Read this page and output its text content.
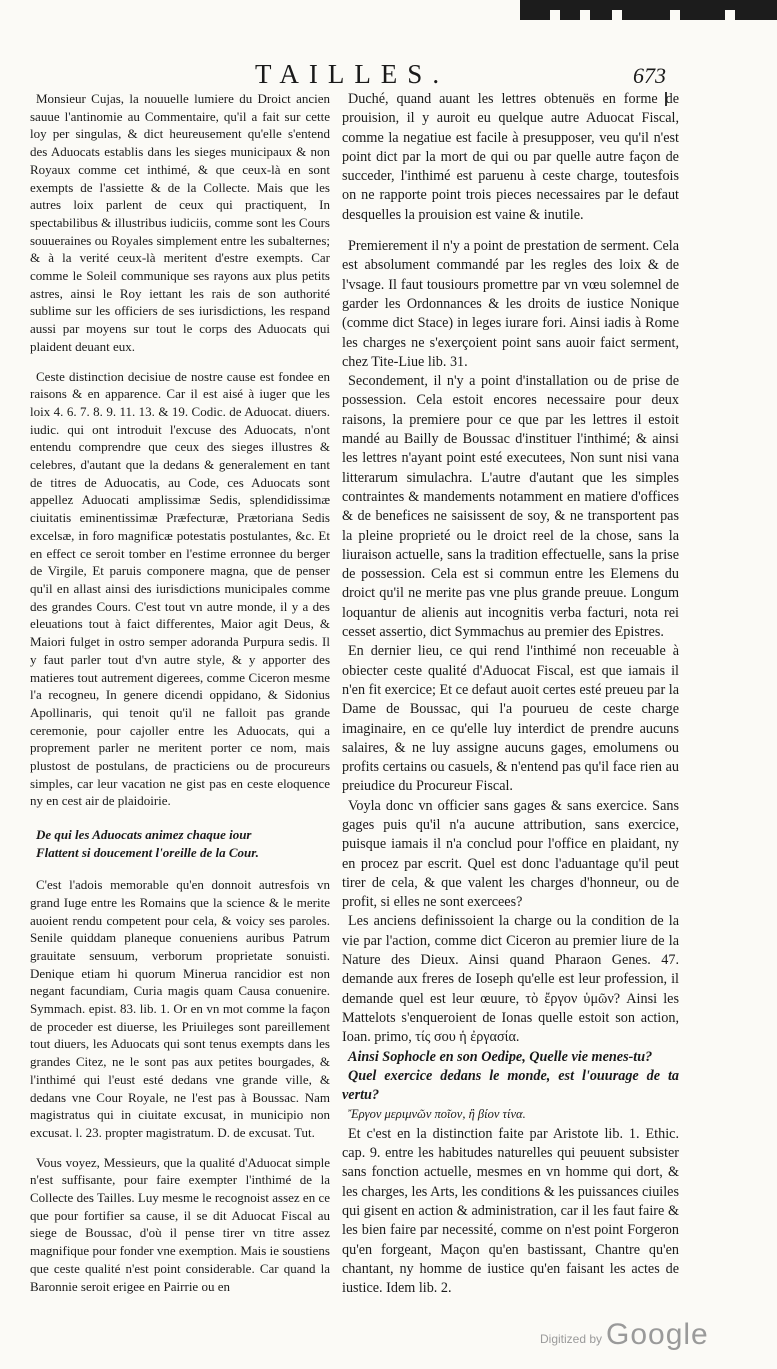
TAILLES.	673

Monsieur Cujas, la nouuelle lumiere du Droict ancien sauue l'antinomie au Commentaire, qu'il a fait sur cette loy per singulas, & dict heureusement qu'elle s'entend des Aduocats establis dans les sieges municipaux & non Royaux comme cet inthimé, & que ceux-là en sont exempts de l'assiette & de la Collecte. Mais que les autres loix parlent de ceux qui practiquent, In spectabilibus & illustribus iudiciis, comme sont les Cours souueraines ou Royales simplement entre les subalternes; & à la verité ceux-là meritent d'estre exempts. Car comme le Soleil communique ses rayons aux plus petits astres, ainsi le Roy iettant les rais de son authorité sublime sur les officiers de ses iurisdictions, les respand aussi par moyens sur tout le corps des Aduocats qui plaident deuant eux.

Ceste distinction decisiue de nostre cause est fondee en raisons & en apparence. Car il est aisé à iuger que les loix 4. 6. 7. 8. 9. 11. 13. & 19. Codic. de Aduocat. diuers. iudic. qui ont introduit l'excuse des Aduocats, n'ont entendu comprendre que ceux des sieges illustres & celebres, d'autant que la dedans & generalement en tant de titres de Aduocatis, au Code, ces Aduocats sont appellez Aduocati amplissimæ Sedis, splendidissimæ ciuitatis eminentissimæ Præfecturæ, Prætoriana Sedis excelsæ, in foro magnificæ potestatis postulantes, &c. Et en effect ce seroit tomber en l'estime erronnee du berger de Virgile, Et paruis componere magna, que de penser qu'il en allast ainsi des iurisdictions municipales comme des grandes Cours. C'est tout vn autre monde, il y a des eleuations tout à faict differentes, Maior agit Deus, & Maiori fulget in ostro semper adoranda Purpura sedis. Il y faut parler tout d'vn autre style, & y apporter des matieres tout autrement digerees, comme Ciceron mesme l'a recogneu, In genere dicendi oppidano, & Sidonius Apollinaris, qui tenoit qu'il ne falloit pas grande ceremonie, pour cajoller entre les Aduocats, qui a proprement parler ne meritent porter ce nom, mais plustost de postulans, de practiciens ou de procureurs simples, car leur vacation ne gist pas en ceste eloquence ny en cest air de plaidoirie.

De qui les Aduocats animez chaque iour
Flattent si doucement l'oreille de la Cour.

C'est l'adois memorable qu'en donnoit autresfois vn grand Iuge entre les Romains que la science & le merite auoient rendu competent pour cela, & voicy ses paroles. Senile quiddam planeque conueniens auribus Patrum grauitate sensuum, verborum proprietate sonuisti. Denique etiam hi quorum Minerua rancidior est non negant facundiam, Curia magis quam Causa conuenire. Symmach. epist. 83. lib. 1. Or en vn mot comme la façon de proceder est diuerse, les Priuileges sont pareillement tout diuers, les Aduocats qui sont tenus exempts dans les grandes Citez, ne le sont pas aux petites bourgades, & l'inthimé qui l'eust esté dedans vne grande ville, & dedans vne Cour Royale, ne l'est pas à Boussac. Nam magistratus qui in ciuitate excusat, in municipio non excusat. l. 23. propter magistratum. D. de excusat. Tut.

Vous voyez, Messieurs, que la qualité d'Aduocat simple n'est suffisante, pour faire exempter l'inthimé de la Collecte des Tailles. Luy mesme le recognoist assez en ce que pour fortifier sa cause, il se dit Aduocat Fiscal au siege de Boussac, d'où il pense tirer vn titre assez magnifique pour fonder vne exemption. Mais ie soustiens que ceste qualité n'est point considerable. Car quand la Baronnie seroit erigee en Pairrie ou en

Duché, quand auant les lettres obtenuës en forme de prouision, il y auroit eu quelque autre Aduocat Fiscal, comme la negatiue est facile à presupposer, veu qu'il n'est point dict par la mort de qui ou par quelle autre façon de succeder, l'inthimé est paruenu à ceste charge, toutesfois on ne rapporte point trois pieces necessaires par le defaut desquelles la prouision est vaine & inutile.

Premierement il n'y a point de prestation de serment. Cela est absolument commandé par les regles des loix & de l'vsage. Il faut tousiours promettre par vn vœu solemnel de garder les Ordonnances & les droits de iustice Nonique (comme dict Stace) in leges iurare fori. Ainsi iadis à Rome les charges ne s'exerçoient point sans auoir faict serment, chez Tite-Liue lib. 31.

Secondement, il n'y a point d'installation ou de prise de possession. Cela estoit encores necessaire pour deux raisons, la premiere pour ce que par les lettres il estoit mandé au Bailly de Boussac d'instituer l'inthimé; & ainsi les lettres n'ayant point esté executees, Non sunt nisi vana litterarum simulachra. L'autre d'autant que les simples contraintes & mandements notamment en matiere d'offices & de benefices ne saisissent de soy, & ne transportent pas la pleine proprieté ou le droict reel de la chose, sans la liuraison actuelle, sans la tradition effectuelle, sans la prise de possession. Cela est si commun entre les Elemens du droict qu'il ne merite pas vne plus grande preuue. Longum loquantur de alienis aut incognitis verba facturi, nota rei cesset assertio, dict Symmachus au premier des Epistres.

En dernier lieu, ce qui rend l'inthimé non receuable à obiecter ceste qualité d'Aduocat Fiscal, est que iamais il n'en fit exercice; Et ce defaut auoit certes esté preueu par la Dame de Boussac, qui l'a pourueu de ceste charge imaginaire, en ce qu'elle luy interdict de prendre aucuns salaires, & ne luy assigne aucuns gages, emolumens ou profits certains ou casuels, & n'entend pas qu'il face rien au preiudice du Procureur Fiscal.

Voyla donc vn officier sans gages & sans exercice. Sans gages puis qu'il n'a aucune attribution, sans exercice, puisque iamais il n'a conclud pour l'office en plaidant, ny en procez par escrit. Quel est donc l'aduantage qu'il peut tirer de cela, & que valent les charges d'honneur, ou de profit, si elles ne sont exercees?

Les anciens definissoient la charge ou la condition de la vie par l'action, comme dict Ciceron au premier liure de la Nature des Dieux. Ainsi quand Pharaon Genes. 47. demande aux freres de Ioseph qu'elle est leur profession, il demande quel est leur œuure, τὸ ἔργον ὑμῶν? Ainsi les Mattelots s'enqueroient de Ionas quelle estoit son action, Ioan. primo, τίς σου ἡ ἐργασία.

Ainsi Sophocle en son Oedipe, Quelle vie menes-tu?

Quel exercice dedans le monde, est l'ouurage de ta vertu?

Ἔργον μεριμνῶν ποῖον, ἢ βίον τίνα.

Et c'est en la distinction faite par Aristote lib. 1. Ethic. cap. 9. entre les habitudes naturelles qui peuuent subsister sans fonction actuelle, mesmes en vn homme qui dort, & les charges, les Arts, les conditions & les puissances ciuiles qui gisent en action & administration, car il les faut faire & les bien faire par necessité, comme on n'est point Forgeron qu'en forgeant, Maçon qu'en bastissant, Chantre qu'en chantant, ny homme de iustice qu'en faisant les actes de iustice. Idem lib. 2.

Digitized by Google
